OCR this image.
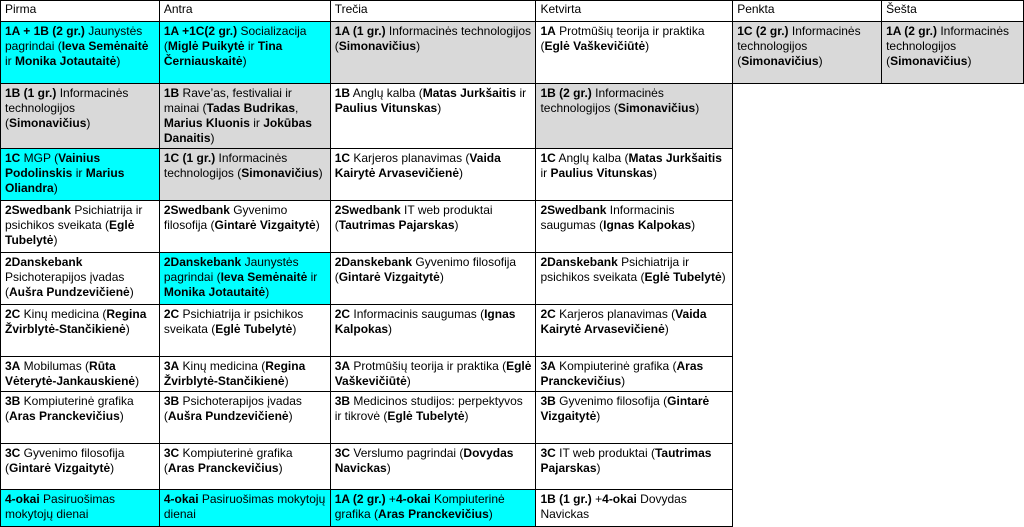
Pirma	Antra	Trečia	Ketvirta	Penkta	Šešta
1A + 1B (2 gr.) Jaunystės pagrindai (Ieva Semėnaitė ir Monika Jotautaitė)	1A +1C(2 gr.) Socializacija (Miglė Puikytė ir Tina Černiauskaitė)	1A (1 gr.) Informacinės technologijos (Simonavičius)	1A Protmūšių teorija ir praktika (Eglė Vaškevičiūtė)	1C (2 gr.) Informacinės technologijos (Simonavičius)	1A (2 gr.) Informacinės technologijos (Simonavičius)
1B (1 gr.) Informacinės technologijos (Simonavičius)	1B Rave’as, festivaliai ir mainai (Tadas Budrikas, Marius Kluonis ir Jokūbas Danaitis)	1B Anglų kalba (Matas Jurkšaitis ir Paulius Vitunskas)	1B (2 gr.) Informacinės technologijos (Simonavičius)		
1C MGP (Vainius Podolinskis ir Marius Oliandra)	1C (1 gr.) Informacinės technologijos (Simonavičius)	1C Karjeros planavimas (Vaida Kairytė Arvasevičienė)	1C Anglų kalba (Matas Jurkšaitis ir Paulius Vitunskas)		
2Swedbank Psichiatrija ir psichikos sveikata (Eglė Tubelytė)	2Swedbank Gyvenimo filosofija (Gintarė Vizgaitytė)	2Swedbank IT web produktai (Tautrimas Pajarskas)	2Swedbank Informacinis saugumas (Ignas Kalpokas)		
2Danskebank Psichoterapijos įvadas (Aušra Pundzevičienė)	2Danskebank Jaunystės pagrindai (Ieva Semėnaitė ir Monika Jotautaitė)	2Danskebank Gyvenimo filosofija (Gintarė Vizgaitytė)	2Danskebank Psichiatrija ir psichikos sveikata (Eglė Tubelytė)		
2C Kinų medicina (Regina Žvirblytė-Stančikienė)	2C Psichiatrija ir psichikos sveikata (Eglė Tubelytė)	2C Informacinis saugumas (Ignas Kalpokas)	2C Karjeros planavimas (Vaida Kairytė Arvasevičienė)		
3A Mobilumas (Rūta Vėterytė-Jankauskienė)	3A Kinų medicina (Regina Žvirblytė-Stančikienė)	3A Protmūšių teorija ir praktika (Eglė Vaškevičiūtė)	3A Kompiuterinė grafika (Aras Pranckevičius)		
3B Kompiuterinė grafika (Aras Pranckevičius)	3B Psichoterapijos įvadas (Aušra Pundzevičienė)	3B Medicinos studijos: perpektyvos ir tikrovė (Eglė Tubelytė)	3B Gyvenimo filosofija (Gintarė Vizgaitytė)		
3C Gyvenimo filosofija (Gintarė Vizgaitytė)	3C Kompiuterinė grafika (Aras Pranckevičius)	3C Verslumo pagrindai (Dovydas Navickas)	3C IT web produktai (Tautrimas Pajarskas)		
4-okai Pasiruošimas mokytojų dienai	4-okai Pasiruošimas mokytojų dienai	1A (2 gr.) +4-okai Kompiuterinė grafika (Aras Pranckevičius)	1B (1 gr.) +4-okai Dovydas Navickas		
